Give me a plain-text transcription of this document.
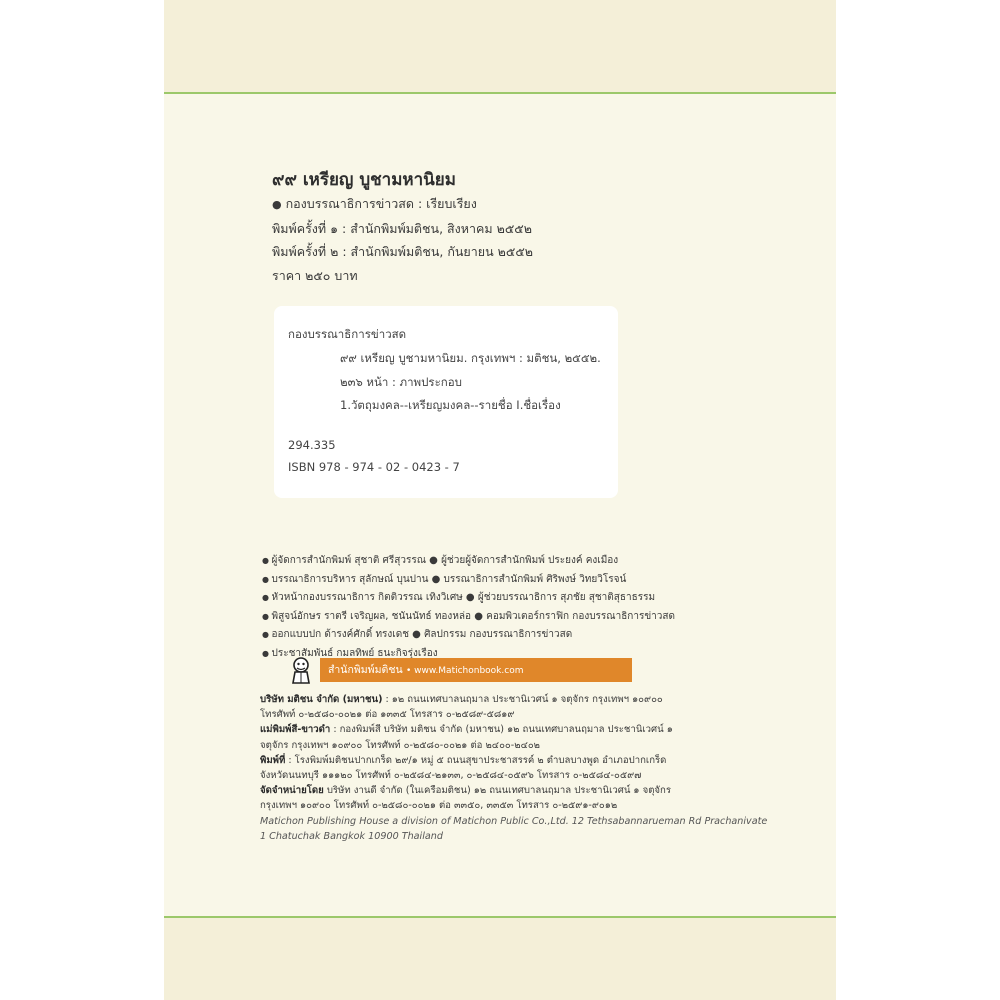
๙๙ เหรียญ บูชามหานิยม
● กองบรรณาธิการข่าวสด : เรียบเรียง
พิมพ์ครั้งที่ ๑ : สำนักพิมพ์มติชน, สิงหาคม ๒๕๕๒
พิมพ์ครั้งที่ ๒ : สำนักพิมพ์มติชน, กันยายน ๒๕๕๒
ราคา ๒๕๐ บาท
กองบรรณาธิการข่าวสด
๙๙ เหรียญ บูชามหานิยม. กรุงเทพฯ : มติชน, ๒๕๕๒.
๒๓๖ หน้า : ภาพประกอบ
1.วัตถุมงคล--เหรียญมงคล--รายชื่อ I.ชื่อเรื่อง
294.335
ISBN 978 - 974 - 02 - 0423 - 7
● ผู้จัดการสำนักพิมพ์ สุชาติ ศรีสุวรรณ ● ผู้ช่วยผู้จัดการสำนักพิมพ์ ประยงค์ คงเมือง
● บรรณาธิการบริหาร สุลักษณ์ บุนปาน ● บรรณาธิการสำนักพิมพ์ ศิริพงษ์ วิทยวิโรจน์
● หัวหน้ากองบรรณาธิการ กิตติวรรณ เทิงวิเศษ ● ผู้ช่วยบรรณาธิการ สุภชัย สุชาติสุธาธรรม
● พิสูจน์อักษร ราตรี เจริญผล, ชนันนัทธ์ ทองหล่อ ● คอมพิวเตอร์กราฟิก กองบรรณาธิการข่าวสด
● ออกแบบปก ด้ารงค์ศักดิ์ ทรงเดช ● ศิลปกรรม กองบรรณาธิการข่าวสด
● ประชาสัมพันธ์ กมลทิพย์ ธนะกิจรุ่งเรือง
สำนักพิมพ์มติชน • www.Matichonbook.com
บริษัท มติชน จำกัด (มหาชน) : ๑๒ ถนนเทศบาลนฤมาล ประชานิเวศน์ ๑ จตุจักร กรุงเทพฯ ๑๐๙๐๐
โทรศัพท์ ๐-๒๕๘๐-๐๐๒๑ ต่อ ๑๓๓๕ โทรสาร ๐-๒๕๘๙-๕๘๑๙
แม่พิมพ์สี-ขาวดำ : กองพิมพ์สี บริษัท มติชน จำกัด (มหาชน) ๑๒ ถนนเทศบาลนฤมาล ประชานิเวศน์ ๑
จตุจักร กรุงเทพฯ ๑๐๙๐๐ โทรศัพท์ ๐-๒๕๘๐-๐๐๒๑ ต่อ ๒๔๐๐-๒๔๐๒
พิมพ์ที่ : โรงพิมพ์มติชนปากเกร็ด ๒๙/๑ หมู่ ๕ ถนนสุขาประชาสรรค์ ๒ ตำบลบางพูด อำเภอปากเกร็ด
จังหวัดนนทบุรี ๑๑๑๒๐ โทรศัพท์ ๐-๒๕๘๔-๒๑๓๓, ๐-๒๕๘๔-๐๕๙๖ โทรสาร ๐-๒๕๘๔-๐๕๙๗
จัดจำหน่ายโดย บริษัท งานดี จำกัด (ในเครือมติชน) ๑๒ ถนนเทศบาลนฤมาล ประชานิเวศน์ ๑ จตุจักร
กรุงเทพฯ ๑๐๙๐๐ โทรศัพท์ ๐-๒๕๘๐-๐๐๒๑ ต่อ ๓๓๕๐, ๓๓๕๓ โทรสาร ๐-๒๕๙๑-๙๐๑๒
Matichon Publishing House a division of Matichon Public Co.,Ltd. 12 Tethsabannarueman Rd Prachanivate
1 Chatuchak Bangkok 10900 Thailand
